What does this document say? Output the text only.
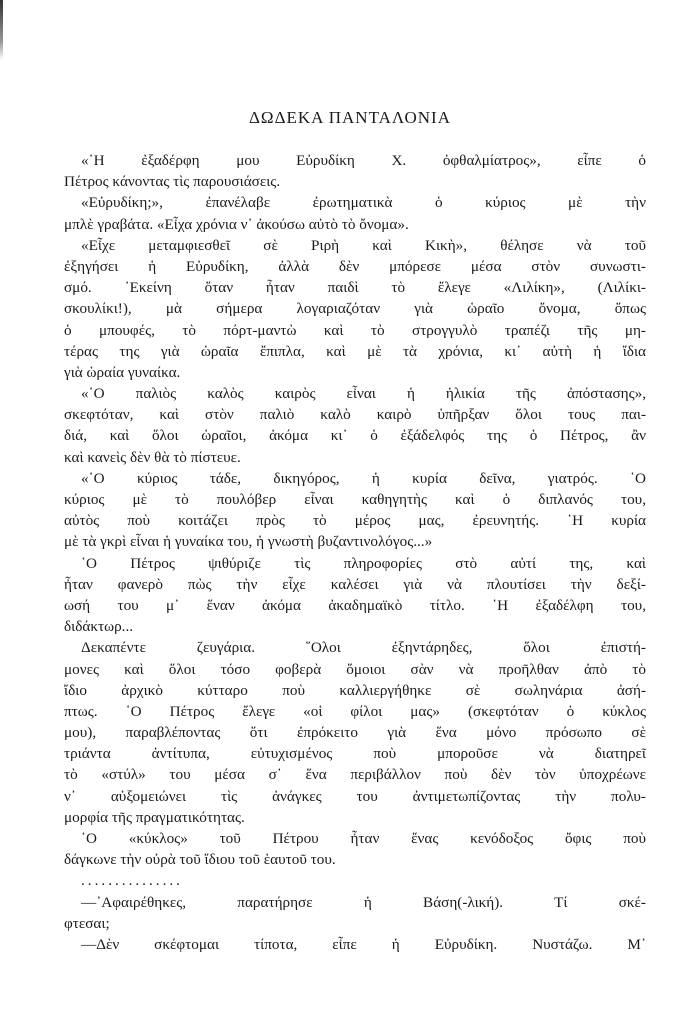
ΔΩΔΕΚΑ ΠΑΝΤΑΛΟΝΙΑ
«῾Η ἐξαδέρφη μου Εὐρυδίκη Χ. ὀφθαλμίατρος», εἶπε ὁ
Πέτρος κάνοντας τὶς παρουσιάσεις.
«Εὐρυδίκη;», ἐπανέλαβε ἐρωτηματικὰ ὁ κύριος μὲ τὴν
μπλὲ γραβάτα. «Εἶχα χρόνια ν᾿ ἀκούσω αὐτὸ τὸ ὄνομα».
«Εἶχε μεταμφιεσθεῖ σὲ Ριρὴ καὶ Κικὴ», θέλησε νὰ τοῦ
ἐξηγήσει ἡ Εὐρυδίκη, ἀλλὰ δὲν μπόρεσε μέσα στὸν συνωστι-
σμό. ᾿Εκείνη ὅταν ἦταν παιδὶ τὸ ἔλεγε «Λιλίκη», (Λιλίκι-
σκουλίκι!), μὰ σήμερα λογαριαζόταν γιὰ ὡραῖο ὄνομα, ὅπως
ὁ μπουφές, τὸ πόρτ-μαντὼ καὶ τὸ στρογγυλὸ τραπέζι τῆς μη-
τέρας της γιὰ ὡραῖα ἔπιπλα, καὶ μὲ τὰ χρόνια, κι᾿ αὐτὴ ἡ ἴδια
γιὰ ὡραία γυναίκα.
«῾Ο παλιὸς καλὸς καιρὸς εἶναι ἡ ἡλικία τῆς ἀπόστασης»,
σκεφτόταν, καὶ στὸν παλιὸ καλὸ καιρὸ ὑπῆρξαν ὅλοι τους παι-
διά, καὶ ὅλοι ὡραῖοι, ἀκόμα κι᾿ ὁ ἐξάδελφός της ὁ Πέτρος, ἂν
καὶ κανεὶς δὲν θὰ τὸ πίστευε.
«῾Ο κύριος τάδε, δικηγόρος, ἡ κυρία δεῖνα, γιατρός. ῾Ο
κύριος μὲ τὸ πουλόβερ εἶναι καθηγητὴς καὶ ὁ διπλανός του,
αὐτὸς ποὺ κοιτάζει πρὸς τὸ μέρος μας, ἐρευνητής. ῾Η κυρία
μὲ τὰ γκρὶ εἶναι ἡ γυναίκα του, ἡ γνωστὴ βυζαντινολόγος...»
῾Ο Πέτρος ψιθύριζε τὶς πληροφορίες στὸ αὐτί της, καὶ
ἦταν φανερὸ πὼς τὴν εἶχε καλέσει γιὰ νὰ πλουτίσει τὴν δεξί-
ωσή του μ᾿ ἕναν ἀκόμα ἀκαδημαϊκὸ τίτλο. ῾Η ἐξαδέλφη του,
διδάκτωρ...
Δεκαπέντε ζευγάρια. ῞Ολοι ἐξηντάρηδες, ὅλοι ἐπιστή-
μονες καὶ ὅλοι τόσο φοβερὰ ὅμοιοι σὰν νὰ προῆλθαν ἀπὸ τὸ
ἴδιο ἀρχικὸ κύτταρο ποὺ καλλιεργήθηκε σὲ σωληνάρια ἀσή-
πτως. ῾Ο Πέτρος ἔλεγε «οἱ φίλοι μας» (σκεφτόταν ὁ κύκλος
μου), παραβλέποντας ὅτι ἐπρόκειτο γιὰ ἕνα μόνο πρόσωπο σὲ
τριάντα ἀντίτυπα, εὐτυχισμένος ποὺ μποροῦσε νὰ διατηρεῖ
τὸ «στύλ» του μέσα σ᾿ ἕνα περιβάλλον ποὺ δὲν τὸν ὑποχρέωνε
ν᾿ αὐξομειώνει τὶς ἀνάγκες του ἀντιμετωπίζοντας τὴν πολυ-
μορφία τῆς πραγματικότητας.
῾Ο «κύκλος» τοῦ Πέτρου ἦταν ἕνας κενόδοξος ὄφις ποὺ
δάγκωνε τὴν οὐρὰ τοῦ ἴδιου τοῦ ἑαυτοῦ του.
...............
—᾿Αφαιρέθηκες, παρατήρησε ἡ Βάση(-λική). Τί σκέ-
φτεσαι;
—Δὲν σκέφτομαι τίποτα, εἶπε ἡ Εὐρυδίκη. Νυστάζω. Μ᾿
